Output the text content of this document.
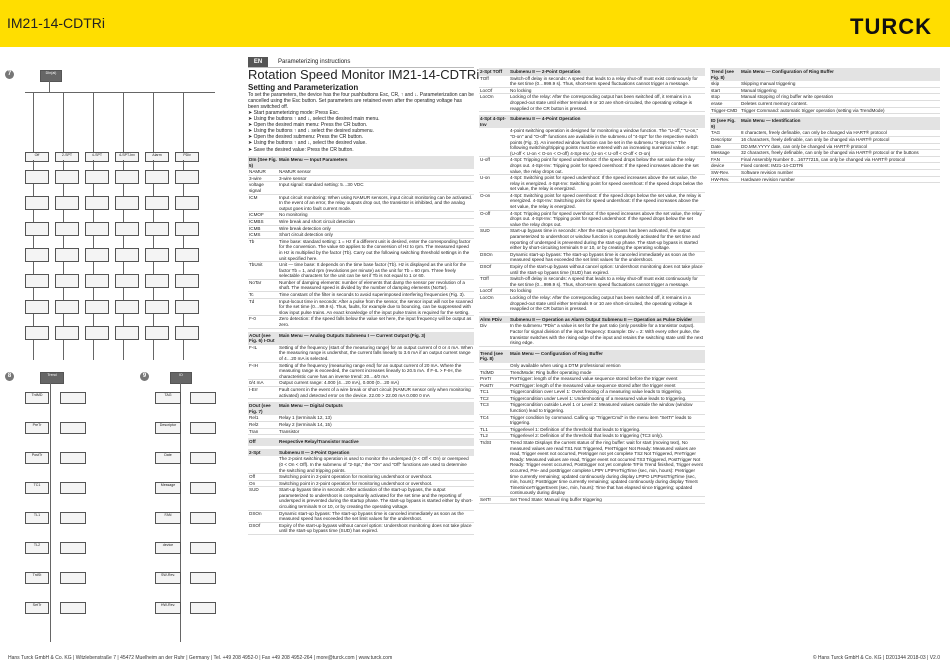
IM21-14-CDTRi	TURCK
7	DIn(al)
Off	2-SPT	4-SPT	4-SPT-Inv	Alarm	PDiv
8	Trend
TrdMD
PreTr
PostTr
TC1
TL1
TL2
TrdSt
SetTr
9	ID
TAG
Descriptor
Date
Message
FAN
device
SW-Rev.
HW-Rev.
EN	Parameterizing instructions
Rotation Speed Monitor IM21-14-CDTRi
Setting and Parameterization

To set the parameters, the device has the four pushbuttons Esc, CR, ↑ and ↓. Parameterization can be cancelled using the Esc button. Set parameters are retained even after the operating voltage has been switched off.

➤ Start parameterizing mode: Press Esc.
➤ Using the buttons ↑ and ↓, select the desired main menu.
➤ Open the desired main menu: Press the CR button.
➤ Using the buttons ↑ and ↓ select the desired submenu.
➤ Open the desired submenu: Press the CR button.
➤ Using the buttons ↑ and ↓, select the desired value.
➤ Save the desired value: Press the CR button.
DIn (See Fig. 5)	Main Menu — Input Parameters
NAMUR	NAMUR sensor
3-wire	3-wire sensor
voltage signal	Input signal: standard setting: 5…30 VDC
ICM	Input circuit monitoring: When using NAMUR sensors, input circuit monitoring can be activated. In the event of an error, the relay outputs drop out, the transistor is inhibited, and the analog output goes into fault current mode.
ICMOF	No monitoring
ICMBS	Wire break and short circuit detection
ICMB	Wire break detection only
ICMS	Short circuit detection only
Tb	Time base: standard setting: 1 = Hz If a different unit is desired, enter the corresponding factor for the conversion. The value 60 applies to the conversion of Hz to rpm. The measured speed in Hz is multiplied by the factor (Tb). Carry out the following switching threshold settings in the unit specified here.
TbUnit	Unit — time base: It depends on the time base factor (Tb). Hz is displayed as the unit for the factor Tb = 1, and rpm (revolutions per minute) as the unit for Tb = 60 rpm. Three freely selectable characters for the unit can be set if Tb is not equal to 1 or 60.
NoTar	Number of damping elements: number of elements that damp the sensor per revolution of a shaft. The measured speed is divided by the number of damping elements (NoTar).
Tc	Time constant of the filter in seconds to avoid superimposed interfering frequencies (Fig. 3).
Td	Input-locout time in seconds: After a pulse from the sensor, the sensor input will not be scanned for the set time (0…99.9 s). Thus, faults, for example due to bouncing, can be suppressed with slow input pulse trains. An exact knowledge of the input pulse trains is required for the setting.
F-0	Zero detection: If the speed falls below the value set here, the input frequency will be output as zero.
AOut (see Fig. 6) I-Out	Main Menu — Analog Outputs Submenu I — Current Output (Fig. 3)
F-IL	Setting of the frequency (start of the measuring range) for an output current of 0 or 4 mA. When the measuring range is undershot, the current falls linearly to 3.6 mA if an output current range of 4…20 mA is selected.
F-IH	Setting of the frequency (measuring range end) for an output current of 20 mA. Where the measuring range is exceeded, the current increases linearly to 20.5 mA. If F-IL > F-IH, the characteristic curve has an inverse trend: 20…4/0 mA
0/4 mA	Output current range: 4.000 (4…20 mA), 0.000 (0…20 mA)
I-Err	Fault current in the event of a wire break or short circuit (NAMUR sensor only when monitoring activated) and detected error on the device. 22.00 > 22.00 mA 0.000 0 mA
DOut (see Fig. 7)	Main Menu — Digital Outputs
Rel1	Relay 1 (terminals 12, 13)
Rel2	Relay 2 (terminals 14, 15)
Tran	Transistor
Off	Respective Relay/Transistor Inactive
2-Spt	Submenu II — 2-Point Operation
	The 2-point switching operation is used to monitor the undersped (0 < Off < On) or overspeed (0 < On < Off). In the submenu of "2-Spt," the "On" and "Off" functions are used to determine the switching and tripping points.
Off	Switching point in 2-point operation for monitoring undershoot or overshoot.
On	Switching point in 2-point operation for monitoring undershoot or overshoot.
SUD	Start-up bypass time in seconds: After activation of the start-up bypass, the output parameterized to undershoot is compulsorily activated for the set time and the reporting of undersped is prevented during the startup phase. The start-up bypass is started either by short-circuiting terminals 9 or 10, or by creating the operating voltage.
DSOn	Dynamic start-up bypass: The start-up bypass time is canceled immediately as soon as the measured speed has exceeded the set limit values for the undershoot.
DSOf	Expiry of the start-up bypass without cancel option: Undershoot monitoring does not take place until the start-up bypass time (SUD) has expired.
2-Spt TOff	Submenu II — 2-Point Operation
TOff	Switch-off delay in seconds: A speed that leads to a relay shut-off must exist continuously for the set time (0…999.9 s). Thus, short-term speed fluctuations cannot trigger a message.
LocOf	No locking
LocOn	Locking of the relay: After the corresponding output has been switched off, it remains in a dropped-out state until either terminals 9 or 10 are short-circuited, the operating voltage is reapplied or the CR button is pressed.
4-Spt 4-Spt-Inv	Submenu II — 4-Point Operation
	4-point switching operation is designed for monitoring a window function. The "U-off," "U-on," "O-on" and "O-off" functions are available in the submenu of "4-Spt" for the respective switch points (Fig. 3). An inverted window function can be set in the submenu "4-Spt-Inv." The following switching/tripping points must be entered with an increasing numerical value: 4-Spt: (U-off < U-on < O-on < O-off) 4-Spt-Inv: (U-on < U-off < O-off < O-on)
U-off	4-Spt: Tripping point for speed undershoot: If the speed drops below the set value the relay drops out. 4-Spt-Inv: Tripping point for speed overshoot: If the speed increases above the set value, the relay drops out.
U-on	4-Spt: Switching point for speed undershoot: If the speed increases above the set value, the relay is energized. 4-Spt-Inv: Switching point for speed overshoot: If the speed drops below the set value, the relay is energized.
O-on	4-Spt: Switching point for speed overshoot: If the speed drops below the set value, the relay is energized. 4-Spt-Inv: Switching point for speed undershoot: If the speed increases above the set value, the relay is energized.
O-off	4-Spt: Tripping point for speed overshoot: If the speed increases above the set value, the relay drops out. 4-Spt-Inv: Tripping point for speed undershoot: If the speed drops below the set value the relay drops out.
SUD	Start-up bypass time in seconds: After the start-up bypass has been activated, the output parameterized to undershoot or window function is compulsorily activated for the set time and reporting of undersped is prevented during the start-up phase. The start-up bypass is started either by short-circuiting terminals 9 or 10, or by creating the operating voltage.
DSOn	Dynamic start-up bypass: The start-up bypass time is canceled immediately as soon as the measured speed has exceeded the set limit values for the undershoot.
DSOf	Expiry of the start-up bypass without cancel option: Undershoot monitoring does not take place until the start-up bypass time (SUD) has expired.
TOff	Switch-off delay in seconds: A speed that leads to a relay shut-off must exist continuously for the set time (0…999.9 s). Thus, short-term speed fluctuations cannot trigger a message.
LocOf	No locking
LocOn	Locking of the relay: After the corresponding output has been switched off, it remains in a dropped-out state until either terminals 9 or 10 are short-circuited, the operating voltage is reapplied or the CR button is pressed.
Alrm PDiv	Submenu II — Operation as Alarm Output Submenu II — Operation as Pulse Divider
Div	In the submenu "PDiv" a value is set for the part ratio (only possible for a transistor output). Factor for signal division of the input frequency: Example: Div = 2: With every other pulse, the transistor switches with the rising edge of the input and retains the switching state until the next rising edge.
Trend (see Fig. 8)	Main Menu — Configuration of Ring Buffer
	Only available when using a DTM professional version
TrdMD	TrendMode: Ring buffer operating mode
PreTr	PreTrigger: length of the measured value sequence stored before the trigger event
PostTr	PostTrigger: length of the measured value sequence stored after the trigger event
TC1	Triggercondition over Level 1: Overshooting of a measuring value leads to triggering.
TC2	Triggercondition under Level 1: Undershooting of a measured value leads to triggering.
TC3	Triggercondition outside Level 1 or Level 2: Measured values outside the window (window function) lead to triggering.
TC4	Trigger condition by command. Calling up "TriggerCmd" in the menu item "SetTr" leads to triggering.
TL1	Triggerlevel 1: Definition of the threshold that leads to triggering.
TL2	Triggerlevel 2: Definition of the threshold that leads to triggering (TC3 only).
TrdSt	Trend State Displays the current status of the ring buffer: wait for start (moving text), No measured values are read TS1 Not Triggered, PretTrigger Not Ready: Measured values are read, Trigger event not occurred, Pretrigger not yet complete TS2 Not Triggered, PreTrigger Ready: Measured values are read, Trigger event not occurred TS3 Triggered, PostTrigger Not Ready: Trigger event occurred, Posttrigger not yet complete TrFin Trend finished, Trigger event occurred, Pre- and posttrigger complete LPtPr LPtPreTrigTime (sec, min, hours): Pretrigger time currently remaining; updated continuously during display LPtPO LPtPostTrigTime (sec, min, hours): Posttrigger time currently remaining; updated continuously during display TimeS TimeSinceTriggerEvent (sec, min, hours): Time that has elapsed since triggering; updated continuously during display
SetTr	Set Trend State: Manual ring buffer triggering
Trend (see Fig. 8)	Main Menu — Configuration of Ring Buffer
skip	Skipping manual triggering
start	Manual triggering
stop	Manual stopping of ring buffer write operation
erase	Deletes current memory content.
Trigger-CMD	Trigger Command: automatic trigger operation (setting via TrendMode)
ID (see Fig. 9)	Main Menu — Identification
TAG	8 characters, freely definable, can only be changed via HART® protocol
Descriptor	16 characters, freely definable, can only be changed via HART® protocol
Date	DD.MM.YYYY date, can only be changed via HART® protocol
Message	32 characters, freely definable, can only be changed via HART® protocol or the buttons
FAN	Final Assembly Number 0…16777215, can only be changed via HART® protocol
device	Fixed content: IM21-14-CDTRi
SW-Rev.	Software revision number
HW-Rev.	Hardware revision number
Hans Turck GmbH & Co. KG | Witzlebenstraße 7 | 45472 Muelheim an der Ruhr | Germany | Tel. +49 208 4952-0 | Fax +49 208 4952-264 | more@turck.com | www.turck.com	© Hans Turck GmbH & Co. KG | D201344 2018-03 | V2.0
